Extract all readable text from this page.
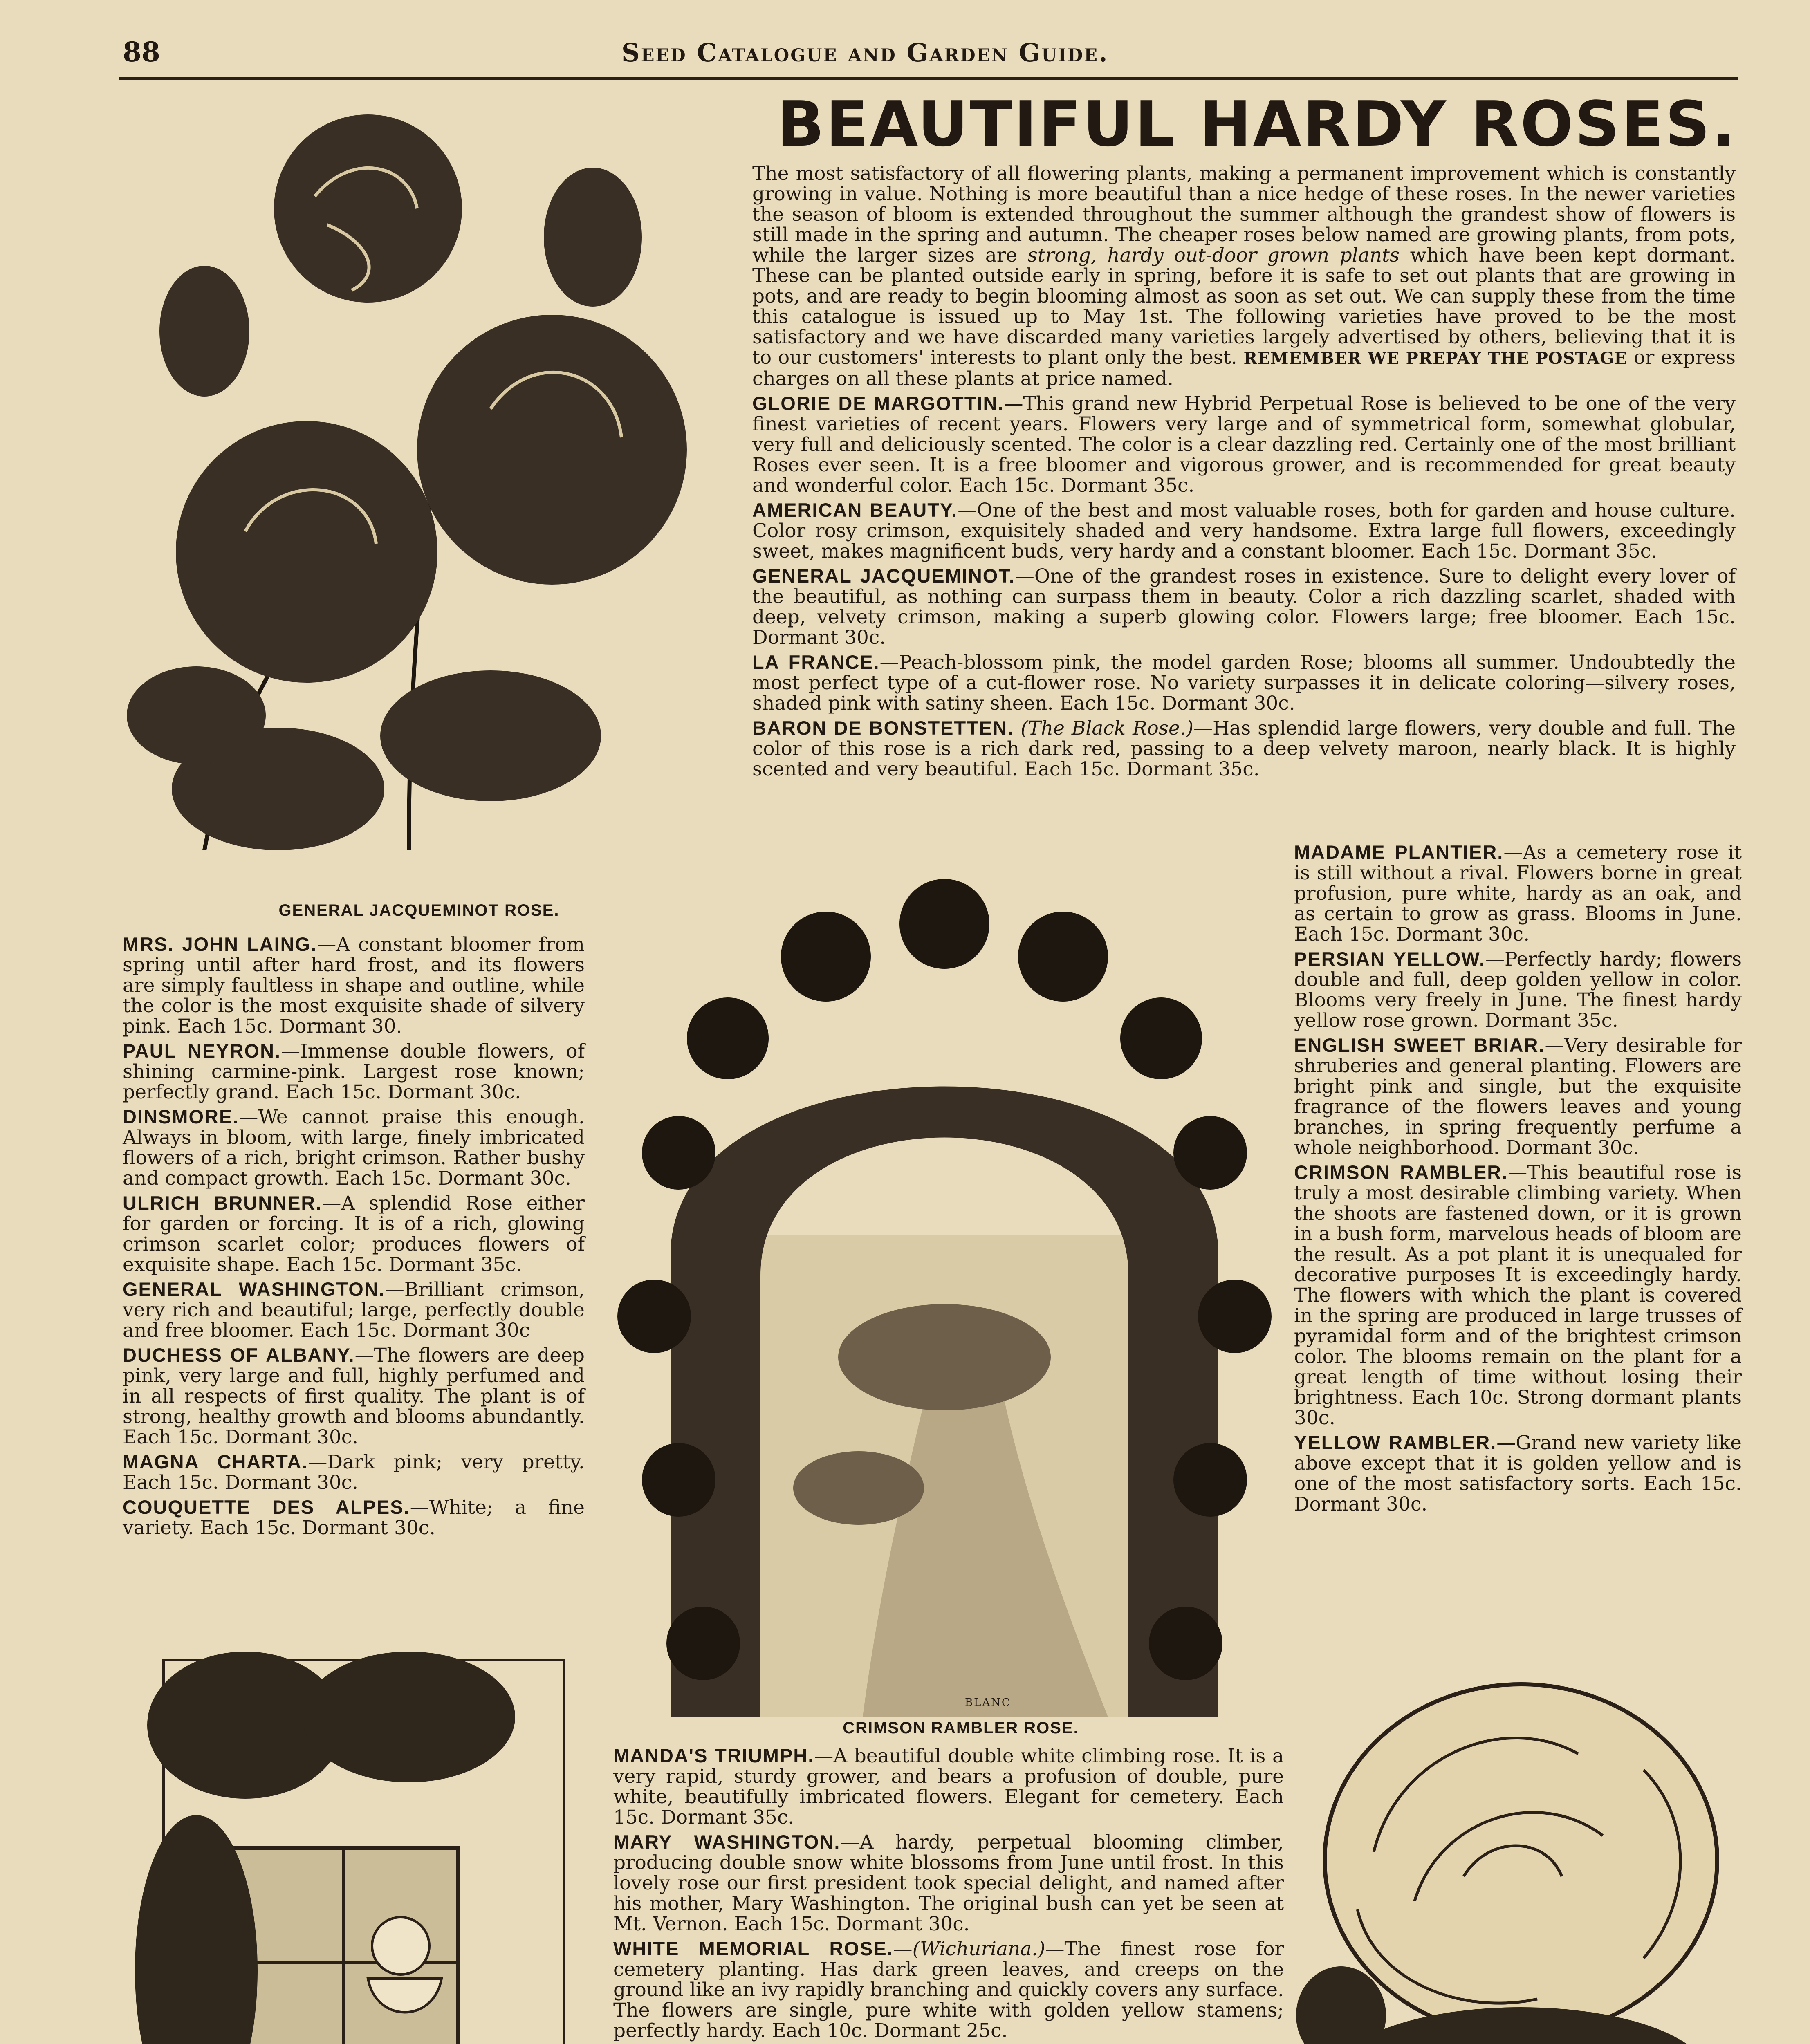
88	Seed Catalogue and Garden Guide.
BEAUTIFUL HARDY ROSES.
GENERAL JACQUEMINOT ROSE.

The most satisfactory of all flowering plants, making a permanent improvement which is constantly growing in value. Nothing is more beautiful than a nice hedge of these roses. In the newer varieties the season of bloom is extended throughout the summer although the grandest show of flowers is still made in the spring and autumn. The cheaper roses below named are growing plants, from pots, while the larger sizes are strong, hardy out-door grown plants which have been kept dormant. These can be planted outside early in spring, before it is safe to set out plants that are growing in pots, and are ready to begin blooming almost as soon as set out. We can supply these from the time this catalogue is issued up to May 1st. The following varieties have proved to be the most satisfactory and we have discarded many varieties largely advertised by others, believing that it is to our customers' interests to plant only the best. REMEMBER WE PREPAY THE POSTAGE or express charges on all these plants at price named.

GLORIE DE MARGOTTIN.—This grand new Hybrid Perpetual Rose is believed to be one of the very finest varieties of recent years. Flowers very large and of symmetrical form, somewhat globular, very full and deliciously scented. The color is a clear dazzling red. Certainly one of the most brilliant Roses ever seen. It is a free bloomer and vigorous grower, and is recommended for great beauty and wonderful color. Each 15c. Dormant 35c.

AMERICAN BEAUTY.—One of the best and most valuable roses, both for garden and house culture. Color rosy crimson, exquisitely shaded and very handsome. Extra large full flowers, exceedingly sweet, makes magnificent buds, very hardy and a constant bloomer. Each 15c. Dormant 35c.

GENERAL JACQUEMINOT.—One of the grandest roses in existence. Sure to delight every lover of the beautiful, as nothing can surpass them in beauty. Color a rich dazzling scarlet, shaded with deep, velvety crimson, making a superb glowing color. Flowers large; free bloomer. Each 15c. Dormant 30c.

LA FRANCE.—Peach-blossom pink, the model garden Rose; blooms all summer. Undoubtedly the most perfect type of a cut-flower rose. No variety surpasses it in delicate coloring—silvery roses, shaded pink with satiny sheen. Each 15c. Dormant 30c.

BARON DE BONSTETTEN. (The Black Rose.)—Has splendid large flowers, very double and full. The color of this rose is a rich dark red, passing to a deep velvety maroon, nearly black. It is highly scented and very beautiful. Each 15c. Dormant 35c.

MRS. JOHN LAING.—A constant bloomer from spring until after hard frost, and its flowers are simply faultless in shape and outline, while the color is the most exquisite shade of silvery pink. Each 15c. Dormant 30.

PAUL NEYRON.—Immense double flowers, of shining carmine-pink. Largest rose known; perfectly grand. Each 15c. Dormant 30c.

DINSMORE.—We cannot praise this enough. Always in bloom, with large, finely imbricated flowers of a rich, bright crimson. Rather bushy and compact growth. Each 15c. Dormant 30c.

ULRICH BRUNNER.—A splendid Rose either for garden or forcing. It is of a rich, glowing crimson scarlet color; produces flowers of exquisite shape. Each 15c. Dormant 35c.

GENERAL WASHINGTON.—Brilliant crimson, very rich and beautiful; large, perfectly double and free bloomer. Each 15c. Dormant 30c

DUCHESS OF ALBANY.—The flowers are deep pink, very large and full, highly perfumed and in all respects of first quality. The plant is of strong, healthy growth and blooms abundantly. Each 15c. Dormant 30c.

MAGNA CHARTA.—Dark pink; very pretty. Each 15c. Dormant 30c.

COUQUETTE DES ALPES.—White; a fine variety. Each 15c. Dormant 30c.

BLANC
CRIMSON RAMBLER ROSE.

MADAME PLANTIER.—As a cemetery rose it is still without a rival. Flowers borne in great profusion, pure white, hardy as an oak, and as certain to grow as grass. Blooms in June. Each 15c. Dormant 30c.

PERSIAN YELLOW.—Perfectly hardy; flowers double and full, deep golden yellow in color. Blooms very freely in June. The finest hardy yellow rose grown. Dormant 35c.

ENGLISH SWEET BRIAR.—Very desirable for shruberies and general planting. Flowers are bright pink and single, but the exquisite fragrance of the flowers leaves and young branches, in spring frequently perfume a whole neighborhood. Dormant 30c.

CRIMSON RAMBLER.—This beautiful rose is truly a most desirable climbing variety. When the shoots are fastened down, or it is grown in a bush form, marvelous heads of bloom are the result. As a pot plant it is unequaled for decorative purposes It is exceedingly hardy. The flowers with which the plant is covered in the spring are produced in large trusses of pyramidal form and of the brightest crimson color. The blooms remain on the plant for a great length of time without losing their brightness. Each 10c. Strong dormant plants 30c.

YELLOW RAMBLER.—Grand new variety like above except that it is golden yellow and is one of the most satisfactory sorts. Each 15c. Dormant 30c.

MANDA'S TRIUMPH.—A beautiful double white climbing rose. It is a very rapid, sturdy grower, and bears a profusion of double, pure white, beautifully imbricated flowers. Elegant for cemetery. Each 15c. Dormant 35c.

MARY WASHINGTON.—A hardy, perpetual blooming climber, producing double snow white blossoms from June until frost. In this lovely rose our first president took special delight, and named after his mother, Mary Washington. The original bush can yet be seen at Mt. Vernon. Each 15c. Dormant 30c.

WHITE MEMORIAL ROSE.—(Wichuriana.)—The finest rose for cemetery planting. Has dark green leaves, and creeps on the ground like an ivy rapidly branching and quickly covers any surface. The flowers are single, pure white with golden yellow stamens; perfectly hardy. Each 10c. Dormant 25c.
